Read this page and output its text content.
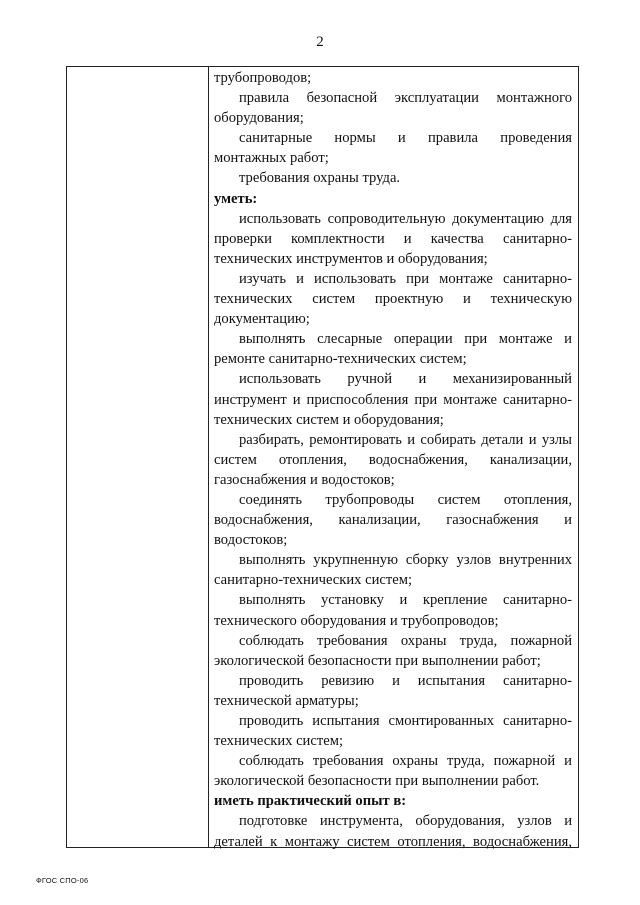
2

трубопроводов;

правила безопасной эксплуатации монтажного оборудования;

санитарные нормы и правила проведения монтажных работ;

требования охраны труда.

уметь:

использовать сопроводительную документацию для проверки комплектности и качества санитарно-технических инструментов и оборудования;

изучать и использовать при монтаже санитарно-технических систем проектную и техническую документацию;

выполнять слесарные операции при монтаже и ремонте санитарно-технических систем;

использовать ручной и механизированный инструмент и приспособления при монтаже санитарно-технических систем и оборудования;

разбирать, ремонтировать и собирать детали и узлы систем отопления, водоснабжения, канализации, газоснабжения и водостоков;

соединять трубопроводы систем отопления, водоснабжения, канализации, газоснабжения и водостоков;

выполнять укрупненную сборку узлов внутренних санитарно-технических систем;

выполнять установку и крепление санитарно-технического оборудования и трубопроводов;

соблюдать требования охраны труда, пожарной экологической безопасности при выполнении работ;

проводить ревизию и испытания санитарно-технической арматуры;

проводить испытания смонтированных санитарно-технических систем;

соблюдать требования охраны труда, пожарной и экологической безопасности при выполнении работ.

иметь практический опыт в:

подготовке инструмента, оборудования, узлов и деталей к монтажу систем отопления, водоснабжения,

ФГОС СПО-06
